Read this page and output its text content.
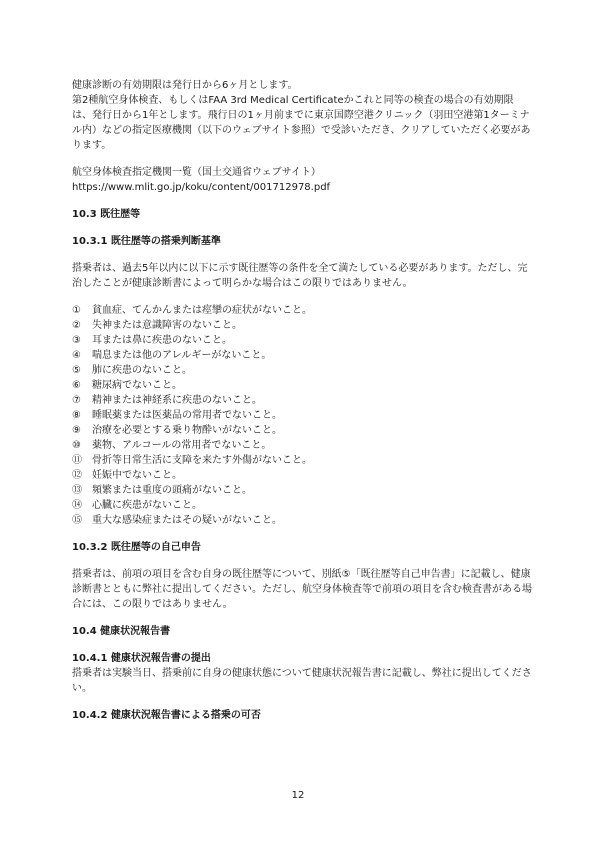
健康診断の有効期限は発行日から6ヶ月とします。

第2種航空身体検査、もしくはFAA 3rd Medical Certificateかこれと同等の検査の場合の有効期限は、発行日から1年とします。飛行日の1ヶ月前までに東京国際空港クリニック（羽田空港第1ターミナル内）などの指定医療機関（以下のウェブサイト参照）で受診いただき、クリアしていただく必要があります。

航空身体検査指定機関一覧（国土交通省ウェブサイト）

https://www.mlit.go.jp/koku/content/001712978.pdf

10.3 既往歴等

10.3.1 既往歴等の搭乗判断基準

搭乗者は、過去5年以内に以下に示す既往歴等の条件を全て満たしている必要があります。ただし、完治したことが健康診断書によって明らかな場合はこの限りではありません。

①	貧血症、てんかんまたは痙攣の症状がないこと。
②	失神または意識障害のないこと。
③	耳または鼻に疾患のないこと。
④	喘息または他のアレルギーがないこと。
⑤	肺に疾患のないこと。
⑥	糖尿病でないこと。
⑦	精神または神経系に疾患のないこと。
⑧	睡眠薬または医薬品の常用者でないこと。
⑨	治療を必要とする乗り物酔いがないこと。
⑩	薬物、アルコールの常用者でないこと。
⑪	骨折等日常生活に支障を来たす外傷がないこと。
⑫	妊娠中でないこと。
⑬	頻繁または重度の頭痛がないこと。
⑭	心臓に疾患がないこと。
⑮	重大な感染症またはその疑いがないこと。

10.3.2 既往歴等の自己申告

搭乗者は、前項の項目を含む自身の既往歴等について、別紙⑤「既往歴等自己申告書」に記載し、健康診断書とともに弊社に提出してください。ただし、航空身体検査等で前項の項目を含む検査書がある場合には、この限りではありません。

10.4 健康状況報告書

10.4.1 健康状況報告書の提出

搭乗者は実験当日、搭乗前に自身の健康状態について健康状況報告書に記載し、弊社に提出してください。

10.4.2 健康状況報告書による搭乗の可否

12
